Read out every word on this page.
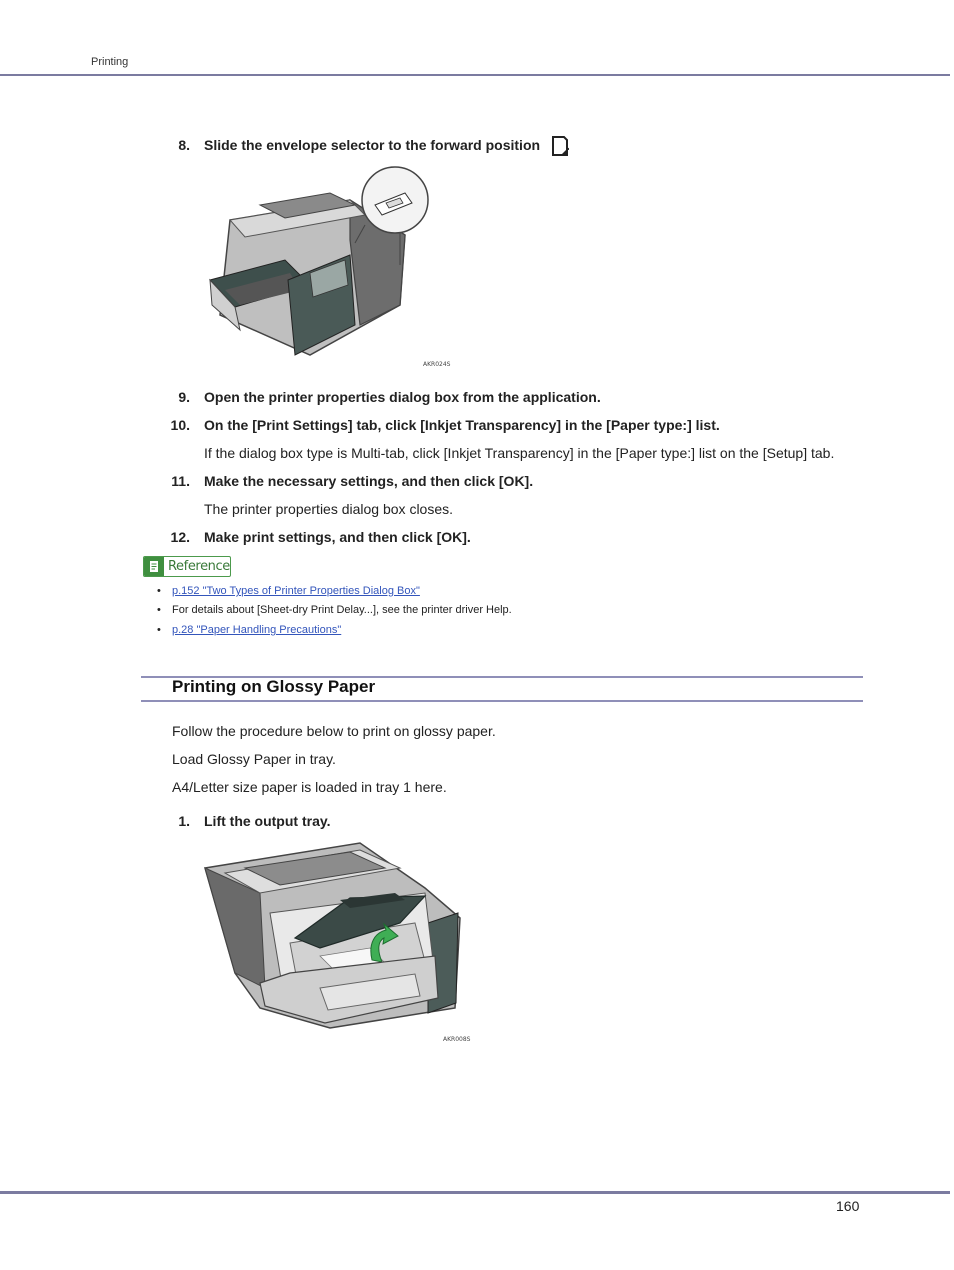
Printing
8. Slide the envelope selector to the forward position .
AKR024S
9. Open the printer properties dialog box from the application.
10. On the [Print Settings] tab, click [Inkjet Transparency] in the [Paper type:] list.
If the dialog box type is Multi-tab, click [Inkjet Transparency] in the [Paper type:] list on the [Setup] tab.
11. Make the necessary settings, and then click [OK].
The printer properties dialog box closes.
12. Make print settings, and then click [OK].
Reference
• p.152 "Two Types of Printer Properties Dialog Box"
• For details about [Sheet-dry Print Delay...], see the printer driver Help.
• p.28 "Paper Handling Precautions"
Printing on Glossy Paper
Follow the procedure below to print on glossy paper.
Load Glossy Paper in tray.
A4/Letter size paper is loaded in tray 1 here.
1. Lift the output tray.
AKR008S
160
